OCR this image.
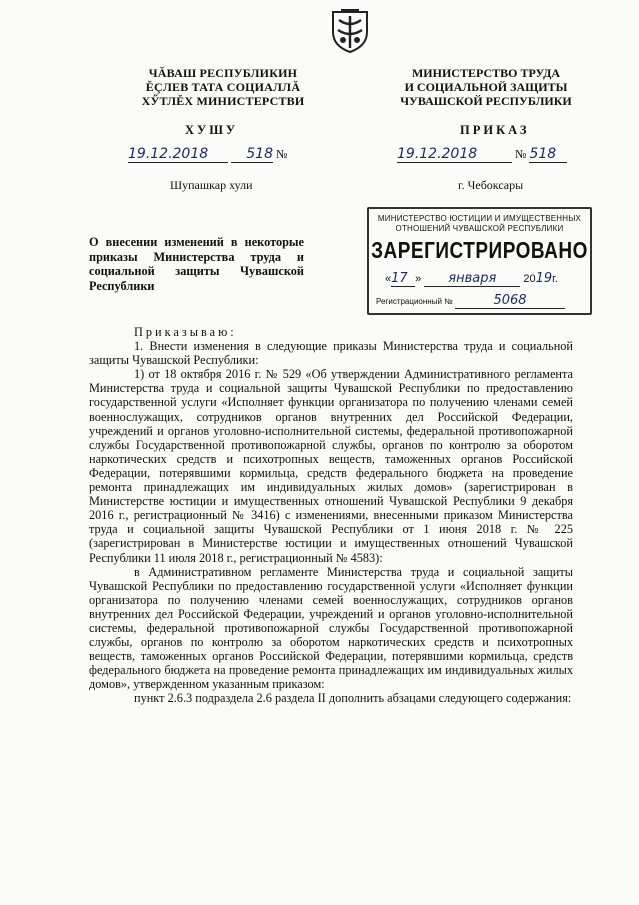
ЧĂВАШ РЕСПУБЛИКИН
ĔÇЛЕВ ТАТА СОЦИАЛЛĂ
ХӲТЛĔХ МИНИСТЕРСТВИ
МИНИСТЕРСТВО ТРУДА
И СОЦИАЛЬНОЙ ЗАЩИТЫ
ЧУВАШСКОЙ РЕСПУБЛИКИ
ХУШУ	ПРИКАЗ
19.12.2018	518 №	19.12.2018	№ 518
Шупашкар хули	г. Чебоксары
МИНИСТЕРСТВО ЮСТИЦИИ И ИМУЩЕСТВЕННЫХ
ОТНОШЕНИЙ ЧУВАШСКОЙ РЕСПУБЛИКИ
ЗАРЕГИСТРИРОВАНО
«17 » января 2019г.
Регистрационный №	5068
О внесении изменений в некоторые приказы Министерства труда и социальной защиты Чувашской Республики

Приказываю:

1. Внести изменения в следующие приказы Министерства труда и социальной защиты Чувашской Республики:

1) от 18 октября 2016 г. № 529 «Об утверждении Административного регламента Министерства труда и социальной защиты Чувашской Республики по предоставлению государственной услуги «Исполняет функции организатора по получению членами семей военнослужащих, сотрудников органов внутренних дел Российской Федерации, учреждений и органов уголовно-исполнительной системы, федеральной противопожарной службы Государственной противопожарной службы, органов по контролю за оборотом наркотических средств и психотропных веществ, таможенных органов Российской Федерации, потерявшими кормильца, средств федерального бюджета на проведение ремонта принадлежащих им индивидуальных жилых домов» (зарегистрирован в Министерстве юстиции и имущественных отношений Чувашской Республики 9 декабря 2016 г., регистрационный № 3416) с изменениями, внесенными приказом Министерства труда и социальной защиты Чувашской Республики от 1 июня 2018 г. № 225 (зарегистрирован в Министерстве юстиции и имущественных отношений Чувашской Республики 11 июля 2018 г., регистрационный № 4583):

в Административном регламенте Министерства труда и социальной защиты Чувашской Республики по предоставлению государственной услуги «Исполняет функции организатора по получению членами семей военнослужащих, сотрудников органов внутренних дел Российской Федерации, учреждений и органов уголовно-исполнительной системы, федеральной противопожарной службы Государственной противопожарной службы, органов по контролю за оборотом наркотических средств и психотропных веществ, таможенных органов Российской Федерации, потерявшими кормильца, средств федерального бюджета на проведение ремонта принадлежащих им индивидуальных жилых домов», утвержденном указанным приказом:

пункт 2.6.3 подраздела 2.6 раздела II дополнить абзацами следующего содержания:
